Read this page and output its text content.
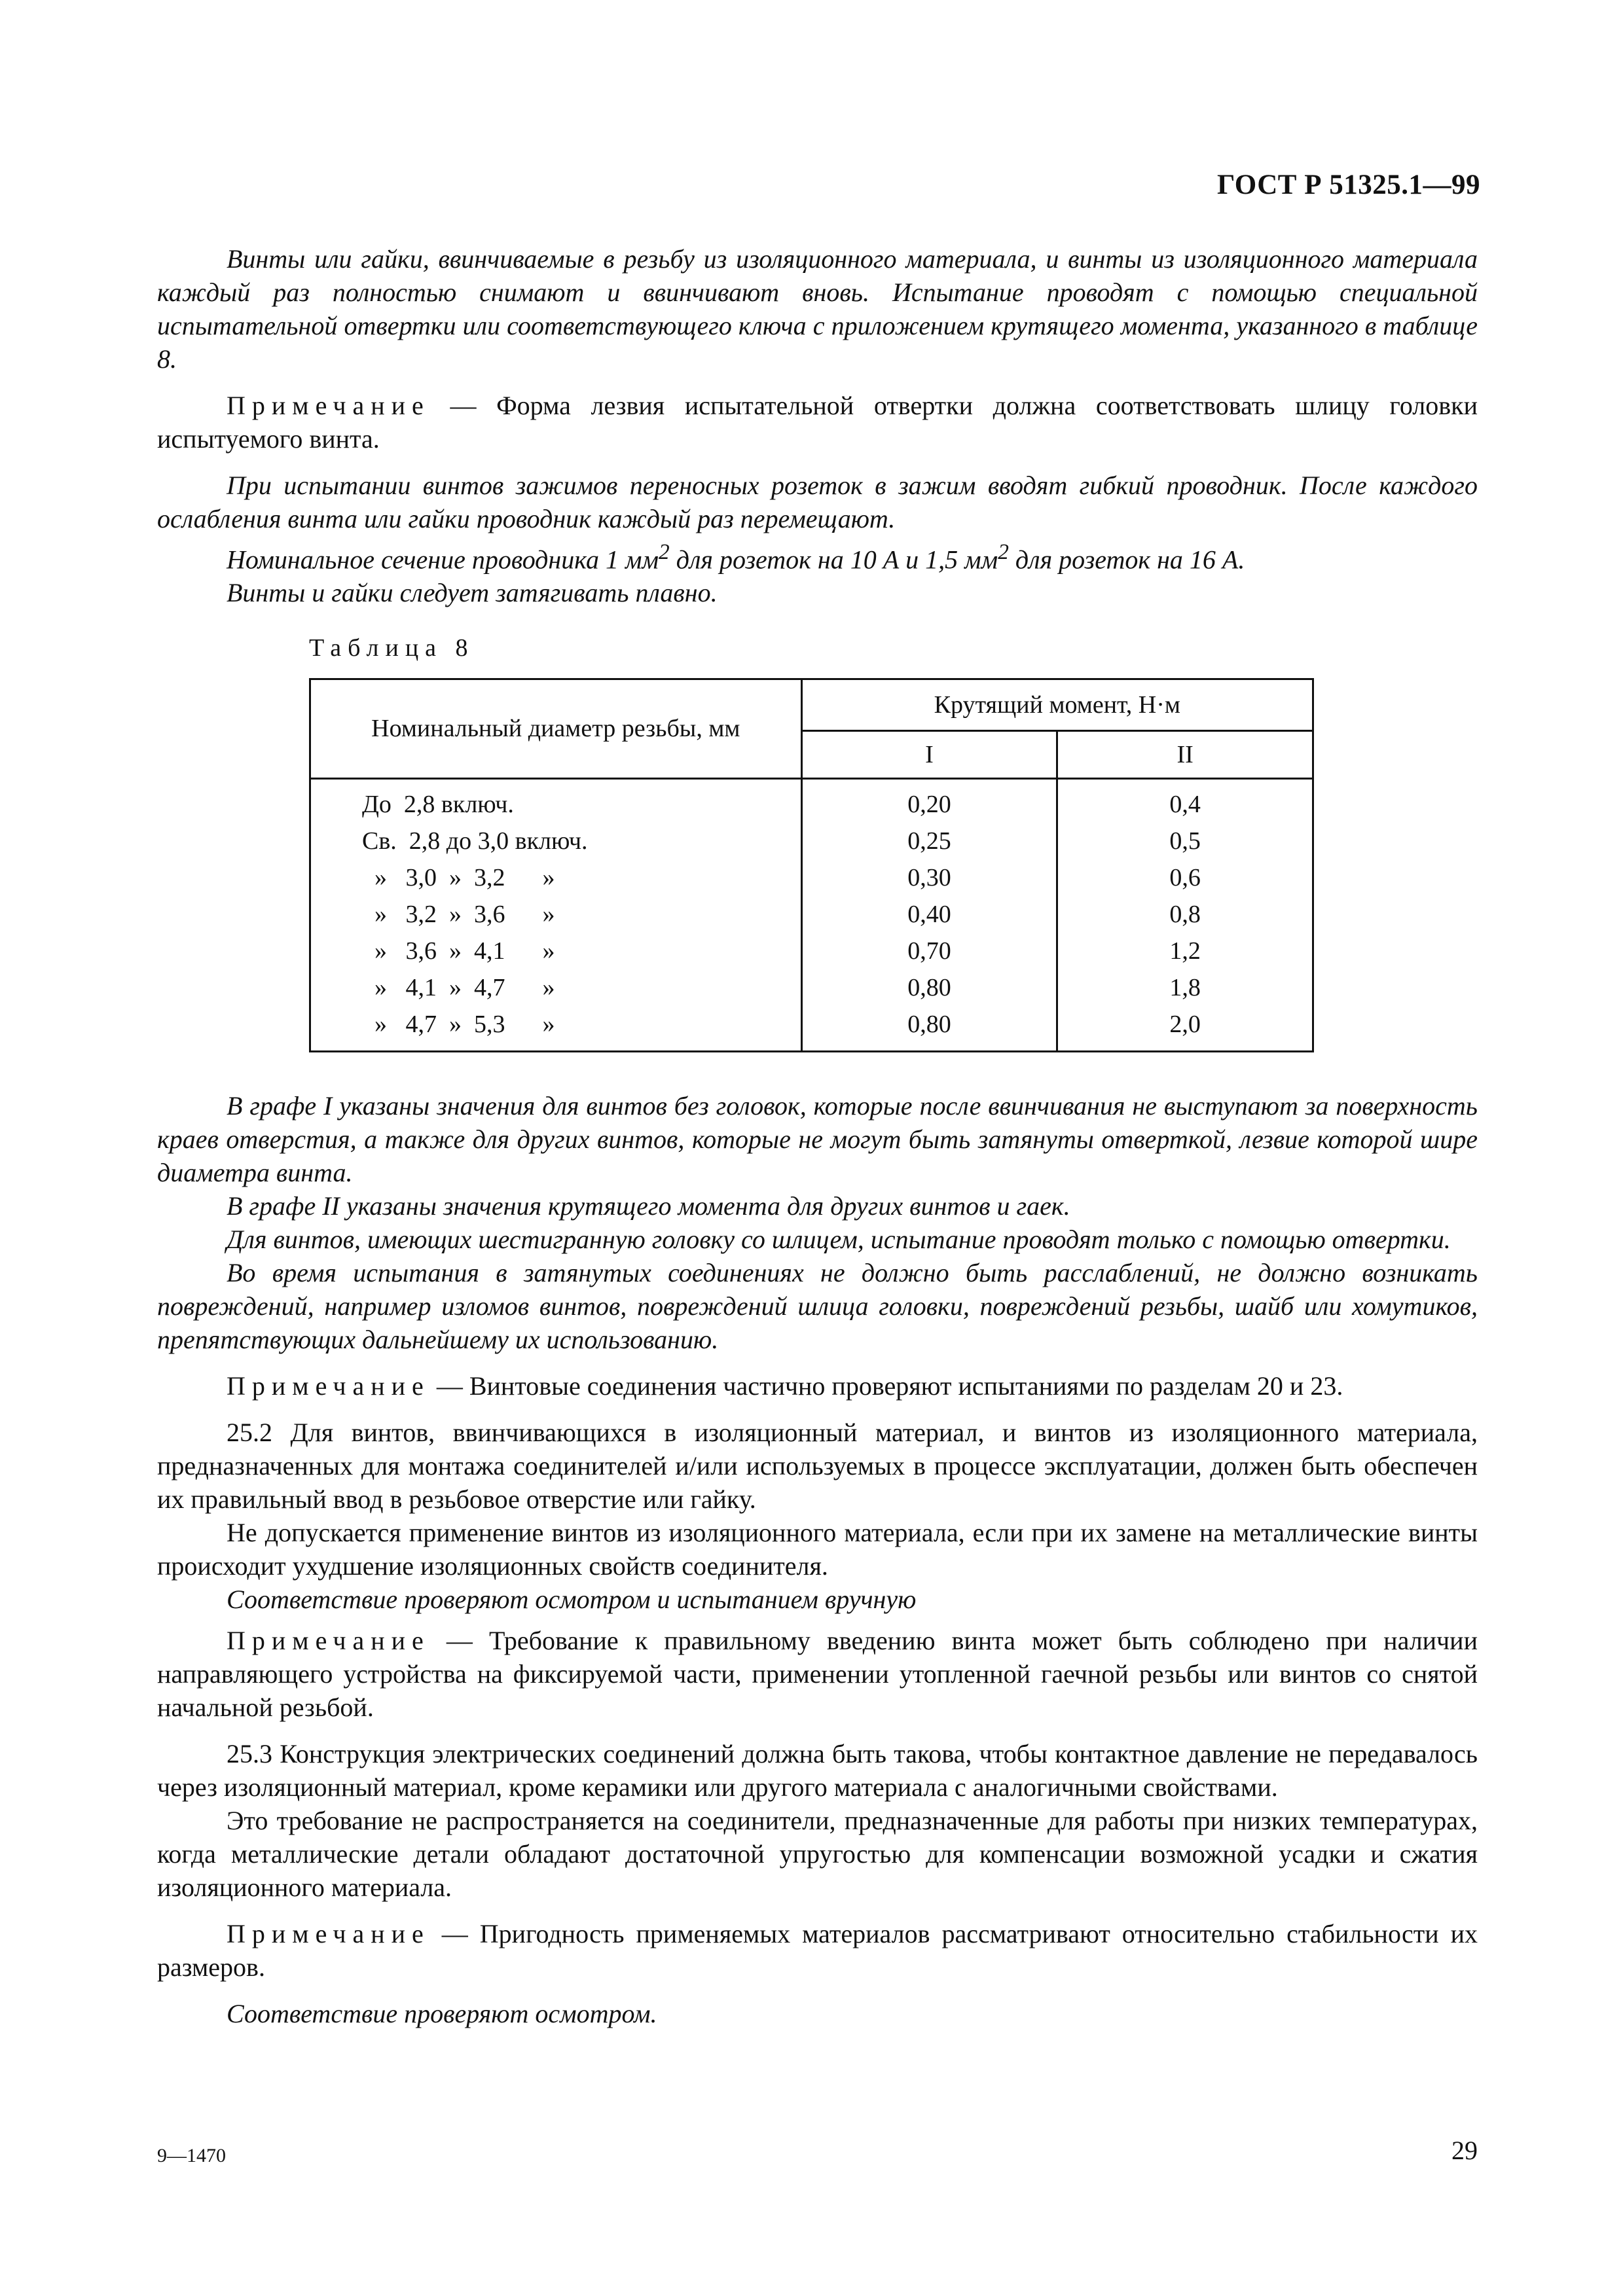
ГОСТ Р 51325.1—99

Винты или гайки, ввинчиваемые в резьбу из изоляционного материала, и винты из изоляционного материала каждый раз полностью снимают и ввинчивают вновь. Испытание проводят с помощью специальной испытательной отвертки или соответствующего ключа с приложением крутящего момента, указанного в таблице 8.

Примечание — Форма лезвия испытательной отвертки должна соответствовать шлицу головки испытуемого винта.

При испытании винтов зажимов переносных розеток в зажим вводят гибкий проводник. После каждого ослабления винта или гайки проводник каждый раз перемещают.

Номинальное сечение проводника 1 $мм^2$ для розеток на 10 А и 1,5 $мм^2$ для розеток на 16 А.

Винты и гайки следует затягивать плавно.

Таблица 8
Номинальный диаметр резьбы, мм	Крутящий момент, Н·м	
	I	II
До  2,8 включ.	0,20	0,4
Св.  2,8 до 3,0 включ.	0,25	0,5
»   3,0  »  3,2      »	0,30	0,6
»   3,2  »  3,6      »	0,40	0,8
»   3,6  »  4,1      »	0,70	1,2
»   4,1  »  4,7      »	0,80	1,8
»   4,7  »  5,3      »	0,80	2,0

В графе I указаны значения для винтов без головок, которые после ввинчивания не выступают за поверхность краев отверстия, а также для других винтов, которые не могут быть затянуты отверткой, лезвие которой шире диаметра винта.

В графе II указаны значения крутящего момента для других винтов и гаек.

Для винтов, имеющих шестигранную головку со шлицем, испытание проводят только с помощью отвертки.

Во время испытания в затянутых соединениях не должно быть расслаблений, не должно возникать повреждений, например изломов винтов, повреждений шлица головки, повреждений резьбы, шайб или хомутиков, препятствующих дальнейшему их использованию.

Примечание — Винтовые соединения частично проверяют испытаниями по разделам 20 и 23.

25.2 Для винтов, ввинчивающихся в изоляционный материал, и винтов из изоляционного материала, предназначенных для монтажа соединителей и/или используемых в процессе эксплуатации, должен быть обеспечен их правильный ввод в резьбовое отверстие или гайку.

Не допускается применение винтов из изоляционного материала, если при их замене на металлические винты происходит ухудшение изоляционных свойств соединителя.

Соответствие проверяют осмотром и испытанием вручную

Примечание — Требование к правильному введению винта может быть соблюдено при наличии направляющего устройства на фиксируемой части, применении утопленной гаечной резьбы или винтов со снятой начальной резьбой.

25.3 Конструкция электрических соединений должна быть такова, чтобы контактное давление не передавалось через изоляционный материал, кроме керамики или другого материала с аналогичными свойствами.

Это требование не распространяется на соединители, предназначенные для работы при низких температурах, когда металлические детали обладают достаточной упругостью для компенсации возможной усадки и сжатия изоляционного материала.

Примечание — Пригодность применяемых материалов рассматривают относительно стабильности их размеров.

Соответствие проверяют осмотром.

9—1470	29
